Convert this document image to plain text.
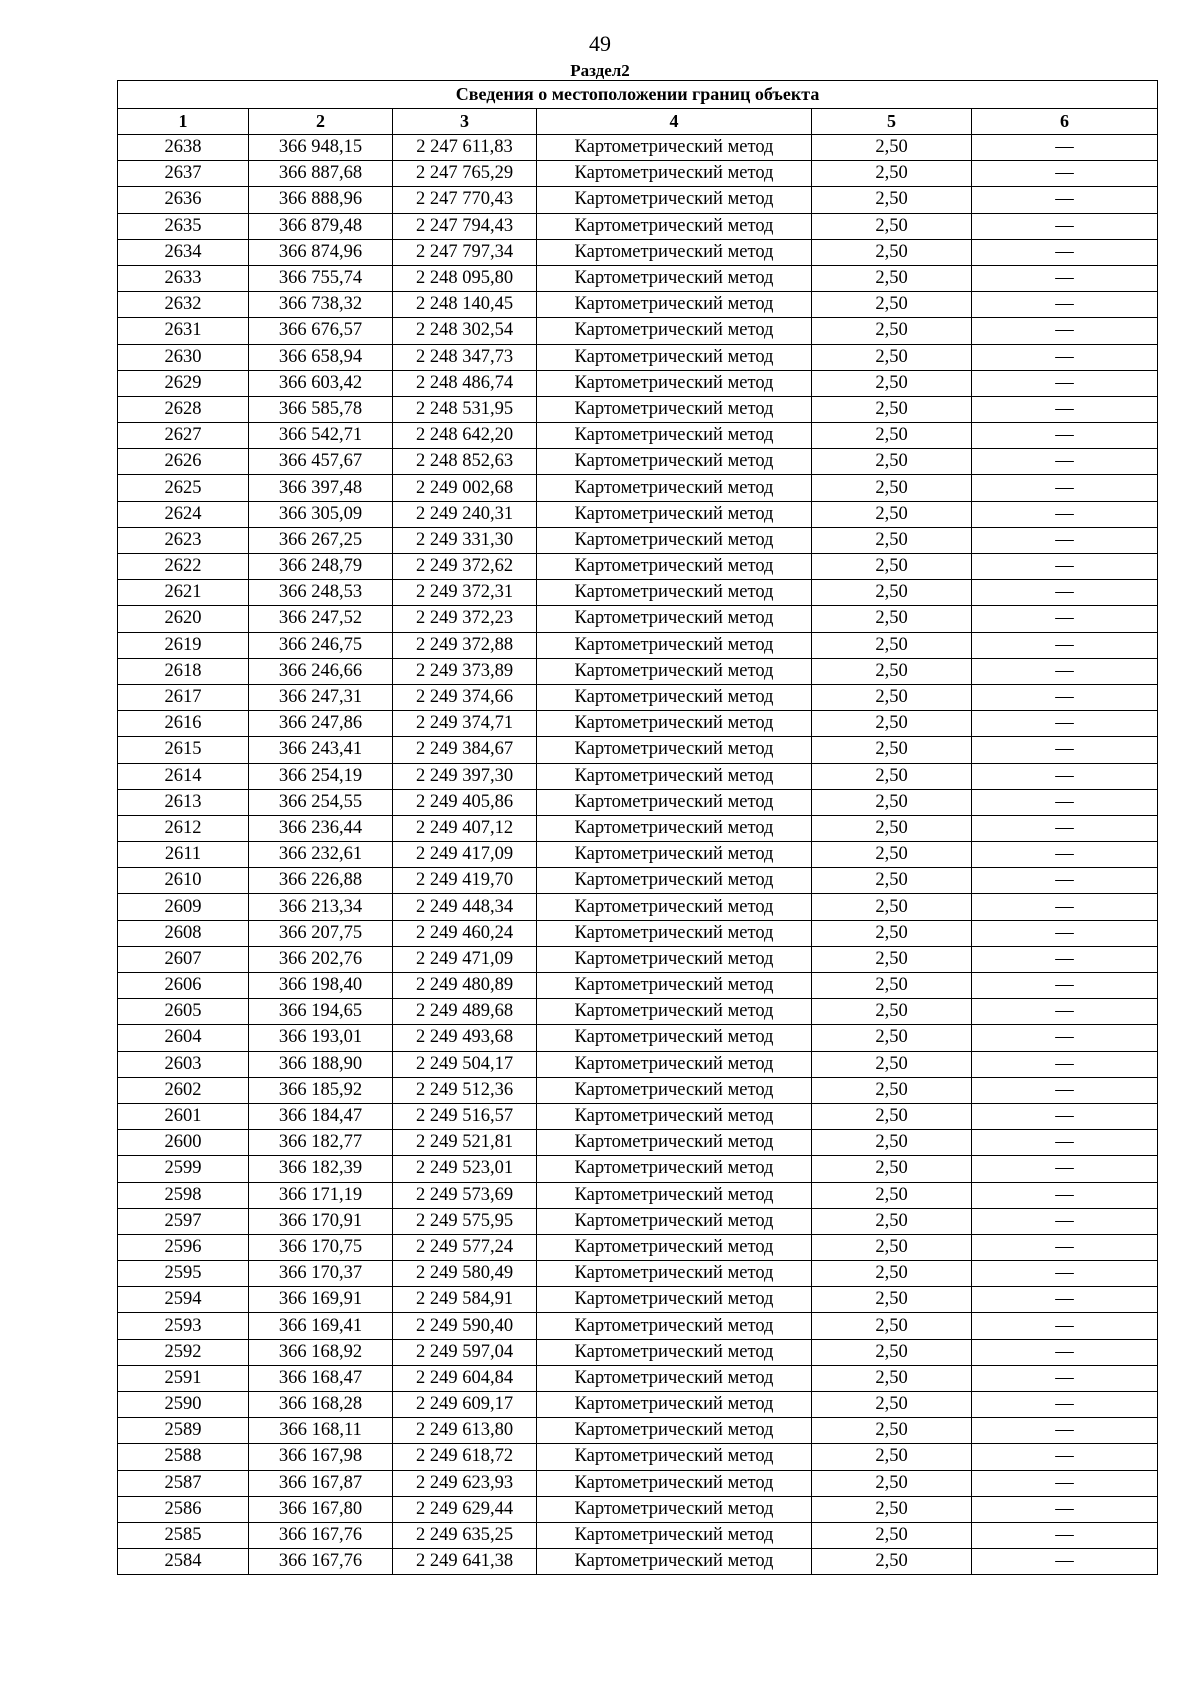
49
Раздел2
Сведения о местоположении границ объекта					
1	2	3	4	5	6
2638	366 948,15	2 247 611,83	Картометрический метод	2,50	—
2637	366 887,68	2 247 765,29	Картометрический метод	2,50	—
2636	366 888,96	2 247 770,43	Картометрический метод	2,50	—
2635	366 879,48	2 247 794,43	Картометрический метод	2,50	—
2634	366 874,96	2 247 797,34	Картометрический метод	2,50	—
2633	366 755,74	2 248 095,80	Картометрический метод	2,50	—
2632	366 738,32	2 248 140,45	Картометрический метод	2,50	—
2631	366 676,57	2 248 302,54	Картометрический метод	2,50	—
2630	366 658,94	2 248 347,73	Картометрический метод	2,50	—
2629	366 603,42	2 248 486,74	Картометрический метод	2,50	—
2628	366 585,78	2 248 531,95	Картометрический метод	2,50	—
2627	366 542,71	2 248 642,20	Картометрический метод	2,50	—
2626	366 457,67	2 248 852,63	Картометрический метод	2,50	—
2625	366 397,48	2 249 002,68	Картометрический метод	2,50	—
2624	366 305,09	2 249 240,31	Картометрический метод	2,50	—
2623	366 267,25	2 249 331,30	Картометрический метод	2,50	—
2622	366 248,79	2 249 372,62	Картометрический метод	2,50	—
2621	366 248,53	2 249 372,31	Картометрический метод	2,50	—
2620	366 247,52	2 249 372,23	Картометрический метод	2,50	—
2619	366 246,75	2 249 372,88	Картометрический метод	2,50	—
2618	366 246,66	2 249 373,89	Картометрический метод	2,50	—
2617	366 247,31	2 249 374,66	Картометрический метод	2,50	—
2616	366 247,86	2 249 374,71	Картометрический метод	2,50	—
2615	366 243,41	2 249 384,67	Картометрический метод	2,50	—
2614	366 254,19	2 249 397,30	Картометрический метод	2,50	—
2613	366 254,55	2 249 405,86	Картометрический метод	2,50	—
2612	366 236,44	2 249 407,12	Картометрический метод	2,50	—
2611	366 232,61	2 249 417,09	Картометрический метод	2,50	—
2610	366 226,88	2 249 419,70	Картометрический метод	2,50	—
2609	366 213,34	2 249 448,34	Картометрический метод	2,50	—
2608	366 207,75	2 249 460,24	Картометрический метод	2,50	—
2607	366 202,76	2 249 471,09	Картометрический метод	2,50	—
2606	366 198,40	2 249 480,89	Картометрический метод	2,50	—
2605	366 194,65	2 249 489,68	Картометрический метод	2,50	—
2604	366 193,01	2 249 493,68	Картометрический метод	2,50	—
2603	366 188,90	2 249 504,17	Картометрический метод	2,50	—
2602	366 185,92	2 249 512,36	Картометрический метод	2,50	—
2601	366 184,47	2 249 516,57	Картометрический метод	2,50	—
2600	366 182,77	2 249 521,81	Картометрический метод	2,50	—
2599	366 182,39	2 249 523,01	Картометрический метод	2,50	—
2598	366 171,19	2 249 573,69	Картометрический метод	2,50	—
2597	366 170,91	2 249 575,95	Картометрический метод	2,50	—
2596	366 170,75	2 249 577,24	Картометрический метод	2,50	—
2595	366 170,37	2 249 580,49	Картометрический метод	2,50	—
2594	366 169,91	2 249 584,91	Картометрический метод	2,50	—
2593	366 169,41	2 249 590,40	Картометрический метод	2,50	—
2592	366 168,92	2 249 597,04	Картометрический метод	2,50	—
2591	366 168,47	2 249 604,84	Картометрический метод	2,50	—
2590	366 168,28	2 249 609,17	Картометрический метод	2,50	—
2589	366 168,11	2 249 613,80	Картометрический метод	2,50	—
2588	366 167,98	2 249 618,72	Картометрический метод	2,50	—
2587	366 167,87	2 249 623,93	Картометрический метод	2,50	—
2586	366 167,80	2 249 629,44	Картометрический метод	2,50	—
2585	366 167,76	2 249 635,25	Картометрический метод	2,50	—
2584	366 167,76	2 249 641,38	Картометрический метод	2,50	—
